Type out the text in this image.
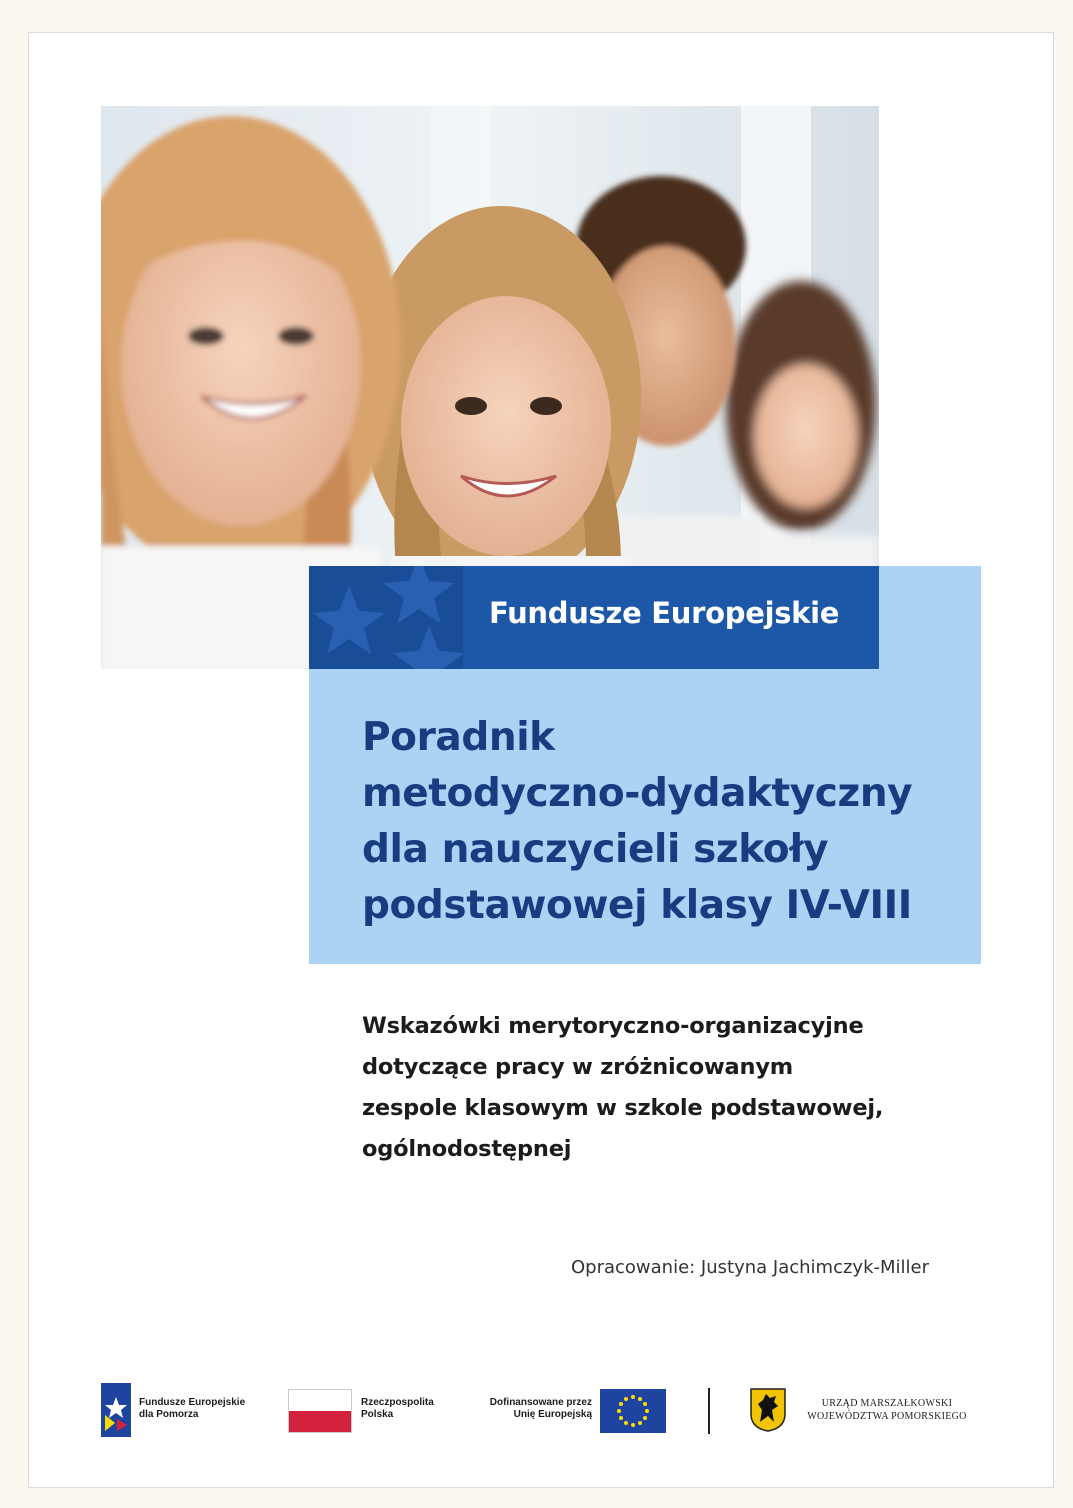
Fundusze Europejskie
Poradnik
metodyczno-dydaktyczny
dla nauczycieli szkoły
podstawowej klasy IV-VIII

Wskazówki merytoryczno-organizacyjne
dotyczące pracy w zróżnicowanym
zespole klasowym w szkole podstawowej,
ogólnodostępnej

Opracowanie: Justyna Jachimczyk-Miller
Fundusze Europejskie
dla Pomorza
Rzeczpospolita
Polska
Dofinansowane przez
Unię Europejską
URZĄD MARSZAŁKOWSKI
WOJEWÓDZTWA POMORSKIEGO
